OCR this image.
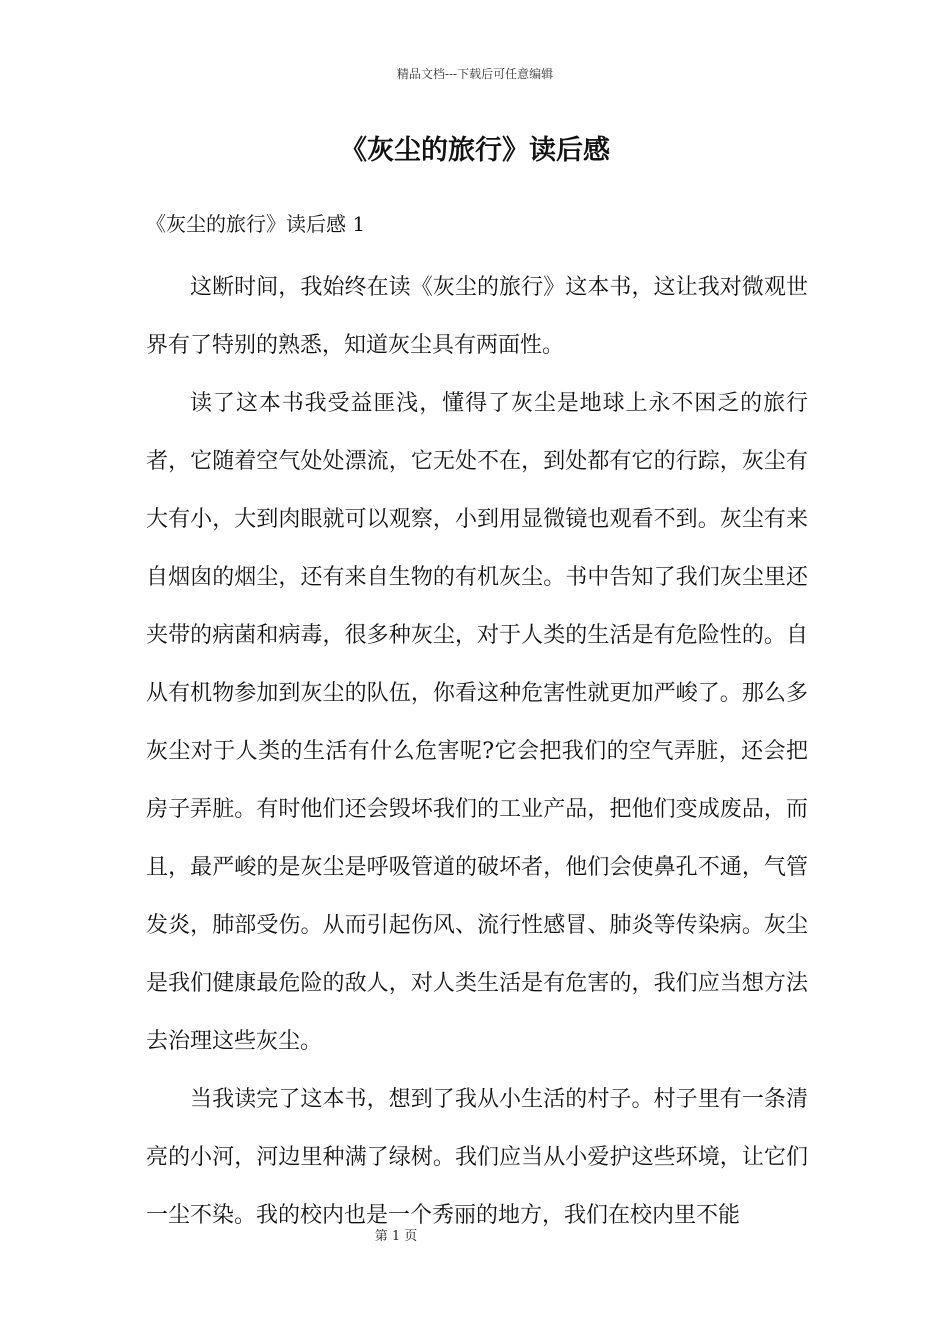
精品文档---下载后可任意编辑
《灰尘的旅行》读后感
《灰尘的旅行》读后感 1

这断时间，我始终在读《灰尘的旅行》这本书，这让我对微观世界有了特别的熟悉，知道灰尘具有两面性。

读了这本书我受益匪浅，懂得了灰尘是地球上永不困乏的旅行者，它随着空气处处漂流，它无处不在，到处都有它的行踪，灰尘有大有小，大到肉眼就可以观察，小到用显微镜也观看不到。灰尘有来自烟囱的烟尘，还有来自生物的有机灰尘。书中告知了我们灰尘里还夹带的病菌和病毒，很多种灰尘，对于人类的生活是有危险性的。自从有机物参加到灰尘的队伍，你看这种危害性就更加严峻了。那么多灰尘对于人类的生活有什么危害呢?它会把我们的空气弄脏，还会把房子弄脏。有时他们还会毁坏我们的工业产品，把他们变成废品，而且，最严峻的是灰尘是呼吸管道的破坏者，他们会使鼻孔不通，气管发炎，肺部受伤。从而引起伤风、流行性感冒、肺炎等传染病。灰尘是我们健康最危险的敌人，对人类生活是有危害的，我们应当想方法去治理这些灰尘。

当我读完了这本书，想到了我从小生活的村子。村子里有一条清亮的小河，河边里种满了绿树。我们应当从小爱护这些环境，让它们一尘不染。我的校内也是一个秀丽的地方，我们在校内里不能

第 1 页
